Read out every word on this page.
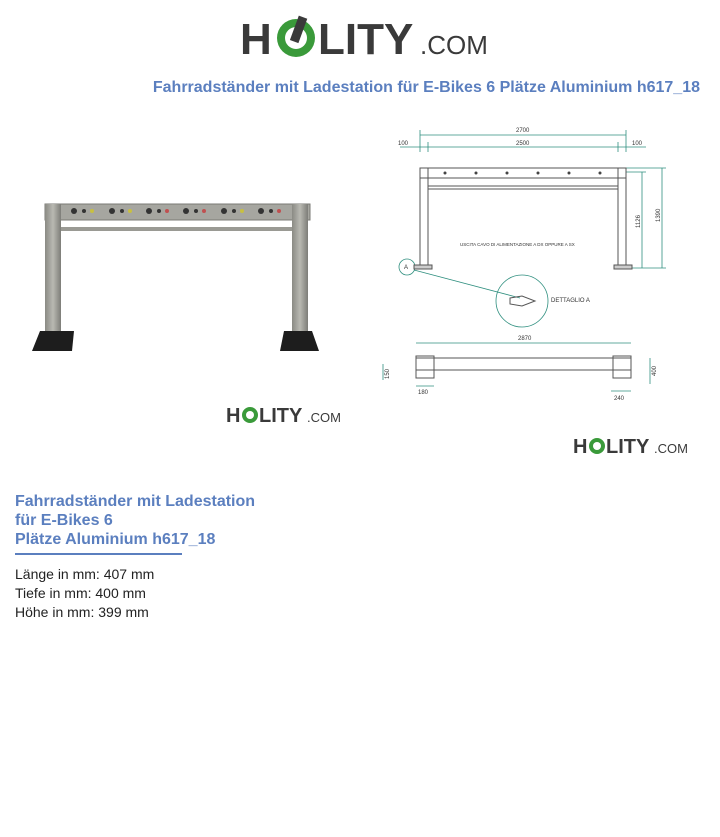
H LITY .COM
Fahrradständer mit Ladestation für E-Bikes 6 Plätze Aluminium h617_18
H LITY .COM
2700
100	2500	100
1126 1390
USCITA CAVO DI ALIMENTAZIONE A DX OPPURE A SX
A
DETTAGLIO A
2870
150
180
400
240
H LITY .COM
Fahrradständer mit Ladestation
für E-Bikes 6
Plätze Aluminium h617_18
Länge in mm: 407 mm
Tiefe in mm: 400 mm
Höhe in mm: 399 mm
